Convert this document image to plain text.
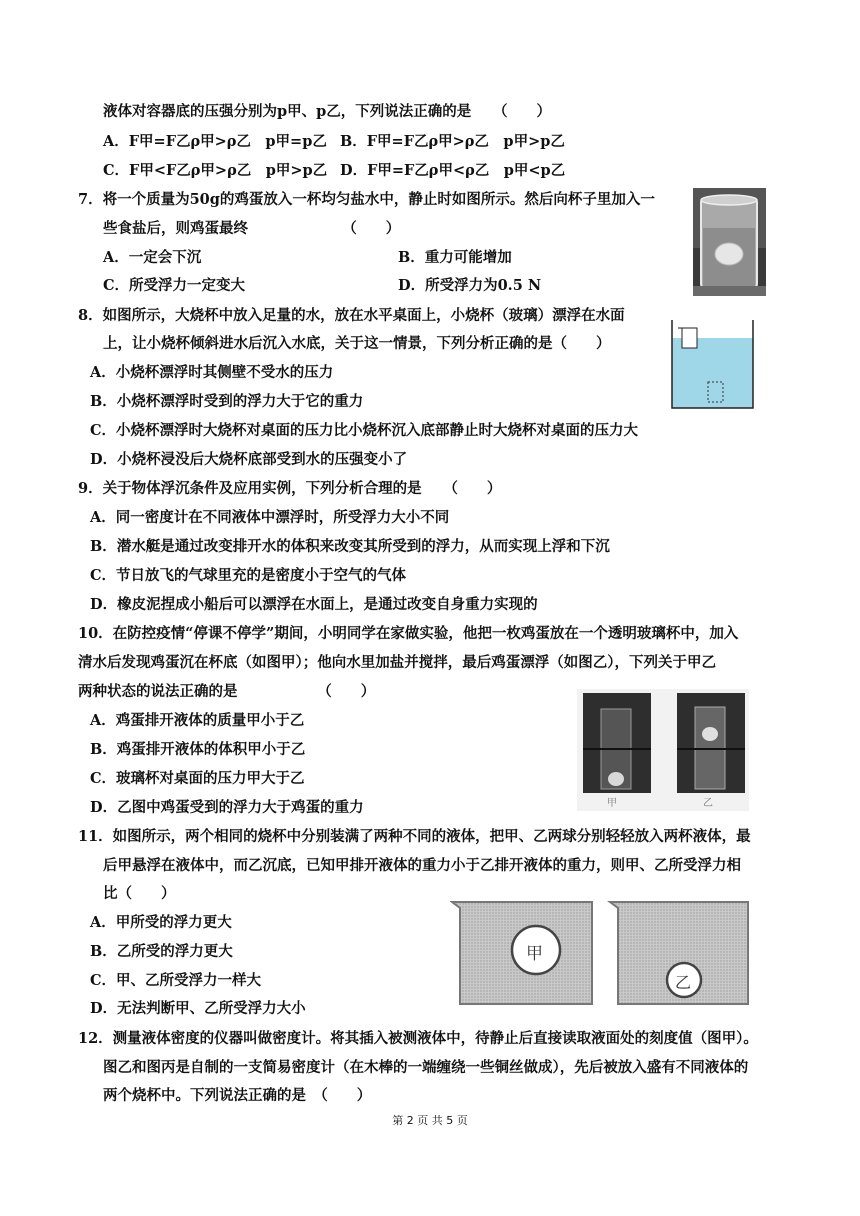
液体对容器底的压强分别为p甲、p乙，下列说法正确的是　　（　　）
A．F甲=F乙ρ甲>ρ乙　p甲=p乙 B．F甲=F乙ρ甲>ρ乙　p甲>p乙
C．F甲<F乙ρ甲>ρ乙　p甲>p乙 D．F甲=F乙ρ甲<ρ乙　p甲<p乙
7．将一个质量为50g的鸡蛋放入一杯均匀盐水中，静止时如图所示。然后向杯子里加入一
些食盐后，则鸡蛋最终　　　　　　　（　　）
A．一定会下沉	B．重力可能增加
C．所受浮力一定变大	D．所受浮力为0.5 N
8．如图所示，大烧杯中放入足量的水，放在水平桌面上，小烧杯（玻璃）漂浮在水面
上，让小烧杯倾斜进水后沉入水底，关于这一情景，下列分析正确的是（　　）
A．小烧杯漂浮时其侧壁不受水的压力
B．小烧杯漂浮时受到的浮力大于它的重力
C．小烧杯漂浮时大烧杯对桌面的压力比小烧杯沉入底部静止时大烧杯对桌面的压力大
D．小烧杯浸没后大烧杯底部受到水的压强变小了
9．关于物体浮沉条件及应用实例，下列分析合理的是　　（　　）
A．同一密度计在不同液体中漂浮时，所受浮力大小不同
B．潜水艇是通过改变排开水的体积来改变其所受到的浮力，从而实现上浮和下沉
C．节日放飞的气球里充的是密度小于空气的气体
D．橡皮泥捏成小船后可以漂浮在水面上，是通过改变自身重力实现的
10．在防控疫情“停课不停学”期间，小明同学在家做实验，他把一枚鸡蛋放在一个透明玻璃杯中，加入
清水后发现鸡蛋沉在杯底（如图甲）；他向水里加盐并搅拌，最后鸡蛋漂浮（如图乙），下列关于甲乙
两种状态的说法正确的是　　　　　　（　　）
A．鸡蛋排开液体的质量甲小于乙
B．鸡蛋排开液体的体积甲小于乙
C．玻璃杯对桌面的压力甲大于乙
D．乙图中鸡蛋受到的浮力大于鸡蛋的重力	甲	乙
11．如图所示，两个相同的烧杯中分别装满了两种不同的液体，把甲、乙两球分别轻轻放入两杯液体，最
后甲悬浮在液体中，而乙沉底，已知甲排开液体的重力小于乙排开液体的重力，则甲、乙所受浮力相
比（　　）
A．甲所受的浮力更大
B．乙所受的浮力更大
C．甲、乙所受浮力一样大
D．无法判断甲、乙所受浮力大小
甲
乙
12．测量液体密度的仪器叫做密度计。将其插入被测液体中，待静止后直接读取液面处的刻度值（图甲）。
图乙和图丙是自制的一支简易密度计（在木棒的一端缠绕一些铜丝做成），先后被放入盛有不同液体的
两个烧杯中。下列说法正确的是　（　　）
第 2 页 共 5 页
